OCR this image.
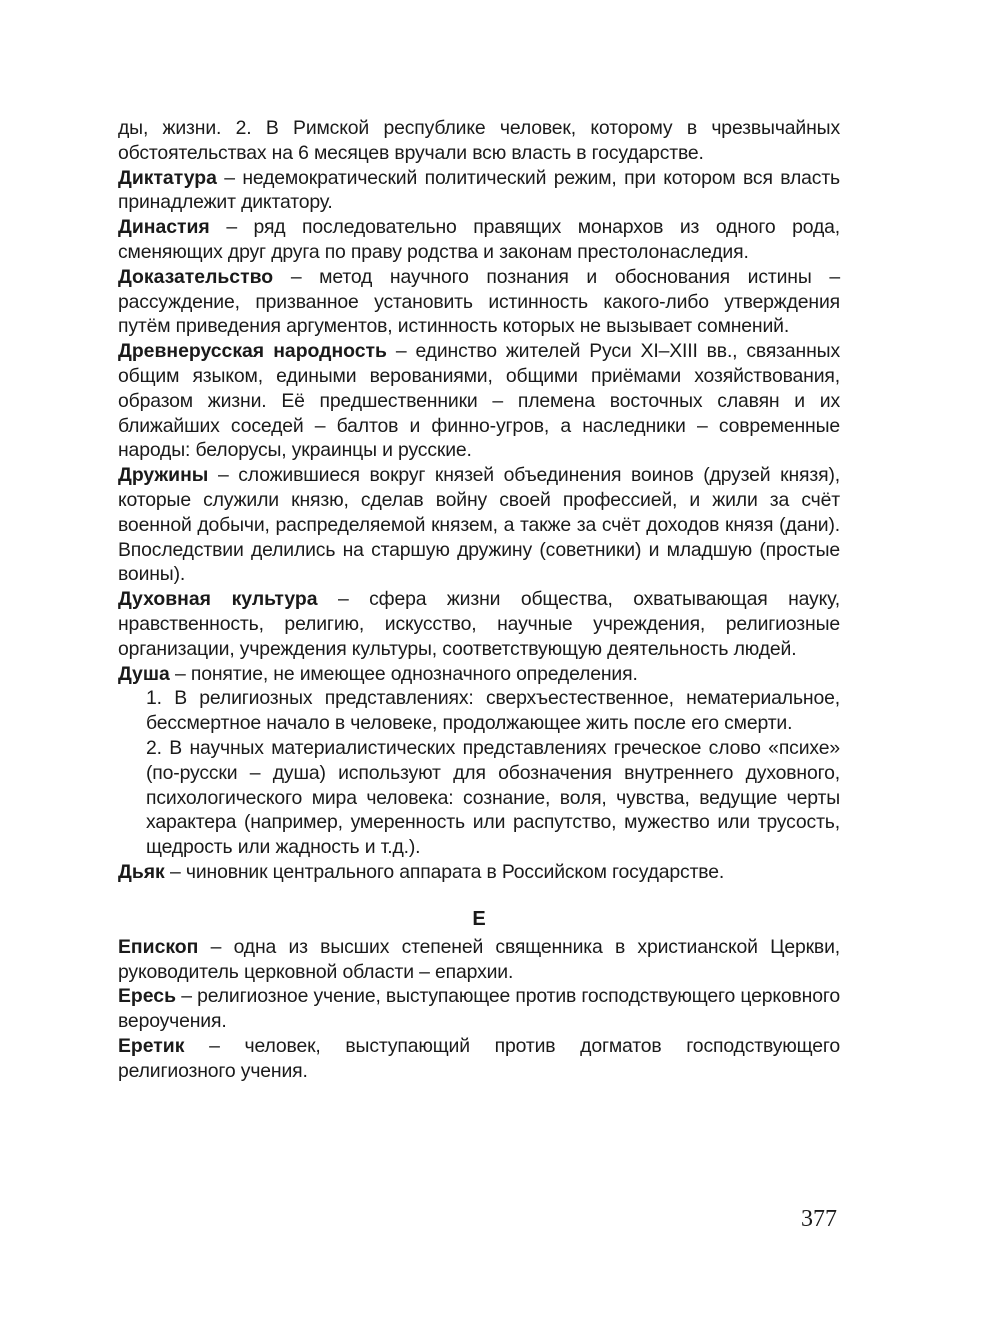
ды, жизни. 2. В Римской республике человек, которому в чрезвычайных обстоятельствах на 6 месяцев вручали всю власть в государстве.

Диктатура – недемократический политический режим, при котором вся власть принадлежит диктатору.

Династия – ряд последовательно правящих монархов из одного рода, сменяющих друг друга по праву родства и законам престолонаследия.

Доказательство – метод научного познания и обоснования истины – рассуждение, призванное установить истинность какого-либо утверждения путём приведения аргументов, истинность которых не вызывает сомнений.

Древнерусская народность – единство жителей Руси XI–XIII вв., связанных общим языком, едиными верованиями, общими приёмами хозяйствования, образом жизни. Её предшественники – племена восточных славян и их ближайших соседей – балтов и финно-угров, а наследники – современные народы: белорусы, украинцы и русские.

Дружины – сложившиеся вокруг князей объединения воинов (друзей князя), которые служили князю, сделав войну своей профессией, и жили за счёт военной добычи, распределяемой князем, а также за счёт доходов князя (дани). Впоследствии делились на старшую дружину (советники) и младшую (простые воины).

Духовная культура – сфера жизни общества, охватывающая науку, нравственность, религию, искусство, научные учреждения, религиозные организации, учреждения культуры, соответствующую деятельность людей.

Душа – понятие, не имеющее однозначного определения.

1. В религиозных представлениях: сверхъестественное, нематериальное, бессмертное начало в человеке, продолжающее жить после его смерти.

2. В научных материалистических представлениях греческое слово «психе» (по-русски – душа) используют для обозначения внутреннего духовного, психологического мира человека: сознание, воля, чувства, ведущие черты характера (например, умеренность или распутство, мужество или трусость, щедрость или жадность и т.д.).

Дьяк – чиновник центрального аппарата в Российском государстве.

Е

Епископ – одна из высших степеней священника в христианской Церкви, руководитель церковной области – епархии.

Ересь – религиозное учение, выступающее против господствующего церковного вероучения.

Еретик – человек, выступающий против догматов господствующего религиозного учения.

377
